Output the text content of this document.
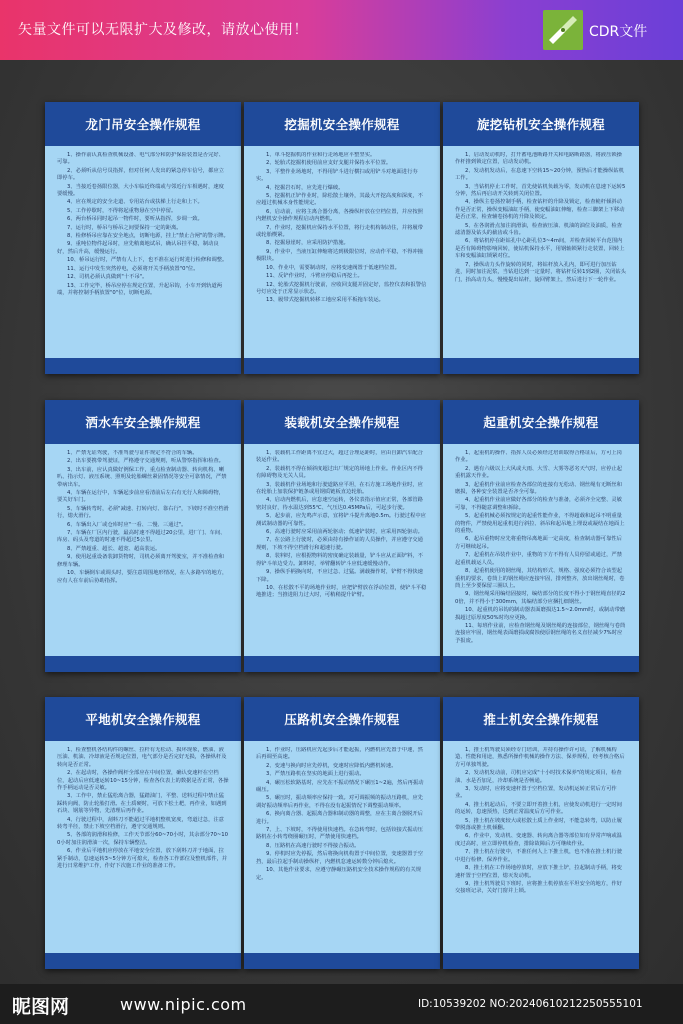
矢量文件可以无限扩大及修改，请放心使用！	CDR文件
龙门吊安全操作规程

1、操作前认真检查机械设备、电气部分和防护保险装置是否完好、可靠。

2、必须听从信号员指挥，但对任何人发出的紧急停车信号，都应立即停车。

3、当接近卷扬限位器，大小车临近终端或与邻近行车相遇时，速度要缓慢。

4、应在规定的安全走道、专用站台或扶梯上行走和上下。

5、工作停歇时，不得将起重物悬在空中停留。

6、两台桥吊同时起吊一物件时，要听从指挥，步调一致。

7、运行时，桥吊与桥吊之间要保持一定的距离。

8、检修桥吊应靠在安全地点，切断电源，挂上"禁止合闸"的警示牌。

9、重吨位物件起吊时，应先稍离地试吊，确认吊挂平稳，制动良好，然后升高，缓慢运行。

10、桥吊运行时，严禁有人上下，也不准在运行时进行检修和调整。

11、运行中发生突然停电，必须将开关手柄放置"0"位。

12、司机必须认真做到"十不吊"。

13、工作完毕，桥吊应停在规定位置，升起吊钩，小车开到轨道两端，并将控制手柄放置"0"位，切断电源。

挖掘机安全操作规程

1、单斗挖掘机的作业和行走场地应平整坚实。

2、轮胎式挖掘机使用前应支好支腿并保持水平位置。

3、平整作业场地时，不得用铲斗进行横扫或用铲斗对地面进行夯实。

4、挖掘岩石时，应先进行爆破。

5、挖掘机正铲作业时，除松散土壤外，其最大开挖高度和深度，不应超过机械本身性能规定。

6、启动前，应将主离合器分离，各操纵杆放在空档位置，并应按照内燃机安全操作规程启动内燃机。

7、作业时，挖掘机应保持水平位置，将行走机构制动住，并将履带或轮胎楔紧。

8、挖掘悬崖时，应采用防护措施。

9、作业中，当液压缸伸缩将达到极限位时，应动作平稳，不得冲撞极限块。

10、作业中，需要制动时，应将变速阀置于低速档位置。

11、反铲作业时，斗臂应停稳后再挖土。

12、轮胎式挖掘机行驶前，应收回支腿并固定好，监控仪表和报警信号灯应处于正常显示状态。

13、履带式挖掘机转移工地应采用平板拖车装运。

旋挖钻机安全操作规程

1、启动发动机时，打开蓄电池断路开关和电路断路器，将液压锁操作杆推到锁定位置，启动发动机。

2、发动机发动后，在息速下空转15~20分钟，预热后才能操纵钻机工作。

3、当钻机停止工作时，首先使钻机负载为零，发动机在息速下运转5分钟，然后再启动开关转到关闭位置。

4、操纵主卷扬控制手柄，检查钻杆的升降及锁定，检查桅杆倾斜动作是否正常，操纵变幅油缸手柄，使变幅油缸伸缩，检查三脚架上下移动是否正常，检查辅卷扬机的升降及锁定。

5、在各润滑点加注润滑油，检查液压油、机油的油位及油质，检查滤清器及钻头的截齿或斗齿。

6、将钻机停在距钻孔中心距孔位3~4m间，并检查回转平台范围内是否有障碍物影响回转，使钻机保持水平，用钢轴锁紧行走装置，回转上车和变幅油缸锁紧对位。

7、操纵动力头作旋转的同时，将钻杆放入孔内，即可进行加压钻进，同时加注泥浆，当钻进达到一定量时，将钻杆反转1到2圈，关闭钻头门，抬高动力头，慢慢提出钻杆，旋回臂架上，然后进行下一轮作业。

洒水车安全操作规程

1、严禁无证驾驶，不准驾驶与证件规定不符合的车辆。

2、出车要携带驾驶证，严格遵守交通规则，听从警察指挥和检查。

3、出车前，应认真做好例保工作，重点检查制动器、转向机构、喇叭、指示灯、液压系统、照明及轮胎螺丝紧固情况等安全可靠情况，严禁带病出车。

4、车辆在运行中，车辆起步前应看清前后左右有无行人和障碍物，要关好车门。

5、车辆转弯时，必须"减速、打转向灯、靠右行"，下坡时不准空档滑行，熄火滑行。

6、车辆出入厂或仓库时应"一看、二慢、三通过"。

7、车辆在厂区内行驶，最高时速不得超过20公里，进厂门、车间、库房、码头及弯道的时速不得超过5公里。

8、严禁超重、超长、超宽、超高装运。

9、使用起重设备装卸货物时，司机必须离开驾驶室，并不准检查和修理车辆。

10、车辆倒车或调头时，要注意周围地形情况，在人多路窄的地方，应有人在车前后协助指挥。

装载机安全操作规程

1、装载机工作距离不宜过大，超过合理运距时，应由自卸汽车配合装运作业。

2、装载机不得在倾斜度超过出厂规定的场地上作业。作业区内不得有障碍物及无关人员。

3、装载机作业场地和行驶道路应平坦，在石方施工场地作业时，应在轮胎上加装保护链条或用钢质链板直边轮胎。

4、启动内燃机后，应怠速空运转，各仪表指示值应正常，各部管路密封良好，待水温达到55℃、气压达0.45MPa后，可起步行驶。

5、起步前，应先鸣声示意，宜将铲斗提升离地0.5m。行驶过程中应测试制动器的可靠性。

6、高速行驶时应采用前两轮驱动；低速铲装时，应采用四轮驱动。

7、在公路上行驶时，必须由持有操作证的人员操作，并应遵守交通规则，下坡不得空档滑行和超速行驶。

8、装料时，应根据物料的密度确定装载量，铲斗应从正面铲料，不得铲斗单边受力。卸料时，举臂翻转铲斗应低速缓慢动作。

9、操纵手柄换向时，不应过急、过猛。满载操作时，铲臂不得快速下降。

10、在松散不平的场地作业时，应把铲臂放在浮动位置，使铲斗平稳地推进；当推进阻力过大时，可稍稍提升铲臂。

起重机安全操作规程

1、起重机的操作、指挥人员必须经过培训取得合格证后，方可上岗作业。

2、遇有六级以上大风或大雨、大雪、大雾等恶劣天气时，应停止起重机露天作业。

3、起重机作业前应检查各部位的连接有无松动、钢丝绳有无断丝和磨损，各种安全装置是否齐全可靠。

4、起重机作业前应做好各部分的检查与准备，必须齐全完整、灵敏可靠，不得随意调整和拆除。

5、起重机械必须按规定的起重性能作业，不得超载和起吊不明重量的物件，严禁使用起重机进行斜拉、斜吊和起吊地上埋设或凝结在地面上的重物。

6、起吊重物时应先将重物吊离地面一定高度，检查制动器可靠性后方可继续起吊。

7、起重机在吊装作业中，重物的下方不得有人员停留或通过，严禁起重机载运人员。

8、起重机使用的钢丝绳，其结构形式、规格、强度必须符合该型起重机的要求，卷筒上的钢丝绳应连接牢固，排列整齐，放出钢丝绳时，卷筒上至少要保留三圈以上。

9、钢丝绳采用编结固接时，编结部分的长度不得小于钢丝绳直径的20倍，并不得小于300mm，其编结部分应捆扎细钢丝。

10、起重机的吊钩的制动器表面磨损达1.5~2.0mm时，或制动带磨损超过原厚度50%时均应更换。

11、每班作业前，应检查钢丝绳及钢丝绳的连接部位，钢丝绳与卷筒连接应牢固，钢丝绳表面磨损或腐蚀使原钢丝绳的名义直径减少7%时应予报废。

平地机安全操作规程

1、检查整机各结构件的螺丝、拉杆有无松动、损坏现象，燃油、液压油、机油、冷却液是否规定位置，电气部分是否完好无损，各操纵杆及转向是否正常。

2、在起动时，各操作阀杆全部应在中间位置，确认变速杆在空档位，起动后应低速运转10~15分钟，检查各仪表上的数据是否正常，各操作手柄运动是否灵敏。

3、工作中，禁止猛松离合器，猛踏油门，平整、送料过程中禁止猛踩转向阀，防止轮胎打滑。在土质硬时，可放下松土耙，再作业，如遇到石块、钢筋等异物，先清理后再作业。

4、行驶过程中，刮料刀不能超过平地机整机宽度，弯道过急，注意转弯半径，禁止下坡空档滑行，遵守交通规则。

5、各部的润滑和检修，工作天节部分60~70小时，其余部分70~100小时加注润滑油一次，保持车辆整洁。

6、作业后平地机应停放在平地安全位置，放下刮料刀并于地面，拉紧手制动，怠速运转3~5分钟方可熄火，检查各工作部位及整机部件，并进行日常维护工作，作好下次施工作业的准备工作。

压路机安全操作规程

1、作业时，压路机应先起步后才能起振，内燃机应先置于中速，然后再调至高速。

2、变速与换向时应先停机，变速时应降低内燃机转速。

3、严禁压路机在坚实的地面上进行振动。

4、碾压松软路基时，应先在不振动情况下碾压1~2遍，然后再振动碾压。

5、碾压时，振动频率应保持一致。对可调振频的振动压路机，应先调好振动频率后再作业，不得在没有起振情况下调整振动频率。

6、换向离合器、起振离合器和制动器的调整，应在主离合器脱开后进行。

7、上、下坡时，不得使用快速档。在急转弯时，包括铰接式振动压路机在小转弯绕圈碾压时，严禁使用快速档。

8、压路机在高速行驶时不得接合振动。

9、停机时应先停振，然后将换向机构置于中间位置，变速器置于空挡，最后拉起手制动操纵杆，内燃机怠速运转数分钟后熄火。

10、其他作业要求，应遵守静碾压路机安全技术操作规程的有关规定。

推土机安全操作规程

1、推土机驾驶员须经专门培训，并持有操作许可证，了解机械构造、性能和用途，熟悉所操作机械的操作方法、保养规程，经考核合格后方可单独驾驶。

2、发动机发动前，司机应完成"十小时技术保养"的规定项目，检查油、水是否加足，冷却系统是否畅通。

3、发动时，应将变速杆置于空档位置，发动机运转正常后方可作业。

4、推土机起动后，不要立即开着推土机，应使发动机进行一定时间的运转，怠速预热，达到正常温度后方可作业。

5、推土机在坡度较大或松散土质上作业时，不能急转弯，以防止履带脱落或推土机倾翻。

6、作业中，发动机、变速器、转向离合器等部位如有异常声响或温度过高时，应立即停机检查，排除故障后方可继续作业。

7、推土机在行驶中，不准任何人上下推土机，也不准在推土机行驶中进行检修、保养作业。

8、推土机在工作场地停放时，应放下推土铲，拉起制动手柄，将变速杆置于空档位置，熄灭发动机。

9、推土机驾驶员下班时，应将推土机停放在平坦安全的地方，作好交接班记录，关好门窗并上锁。

昵图网	www.nipic.com	ID:10539202 NO:20240610212250555101
